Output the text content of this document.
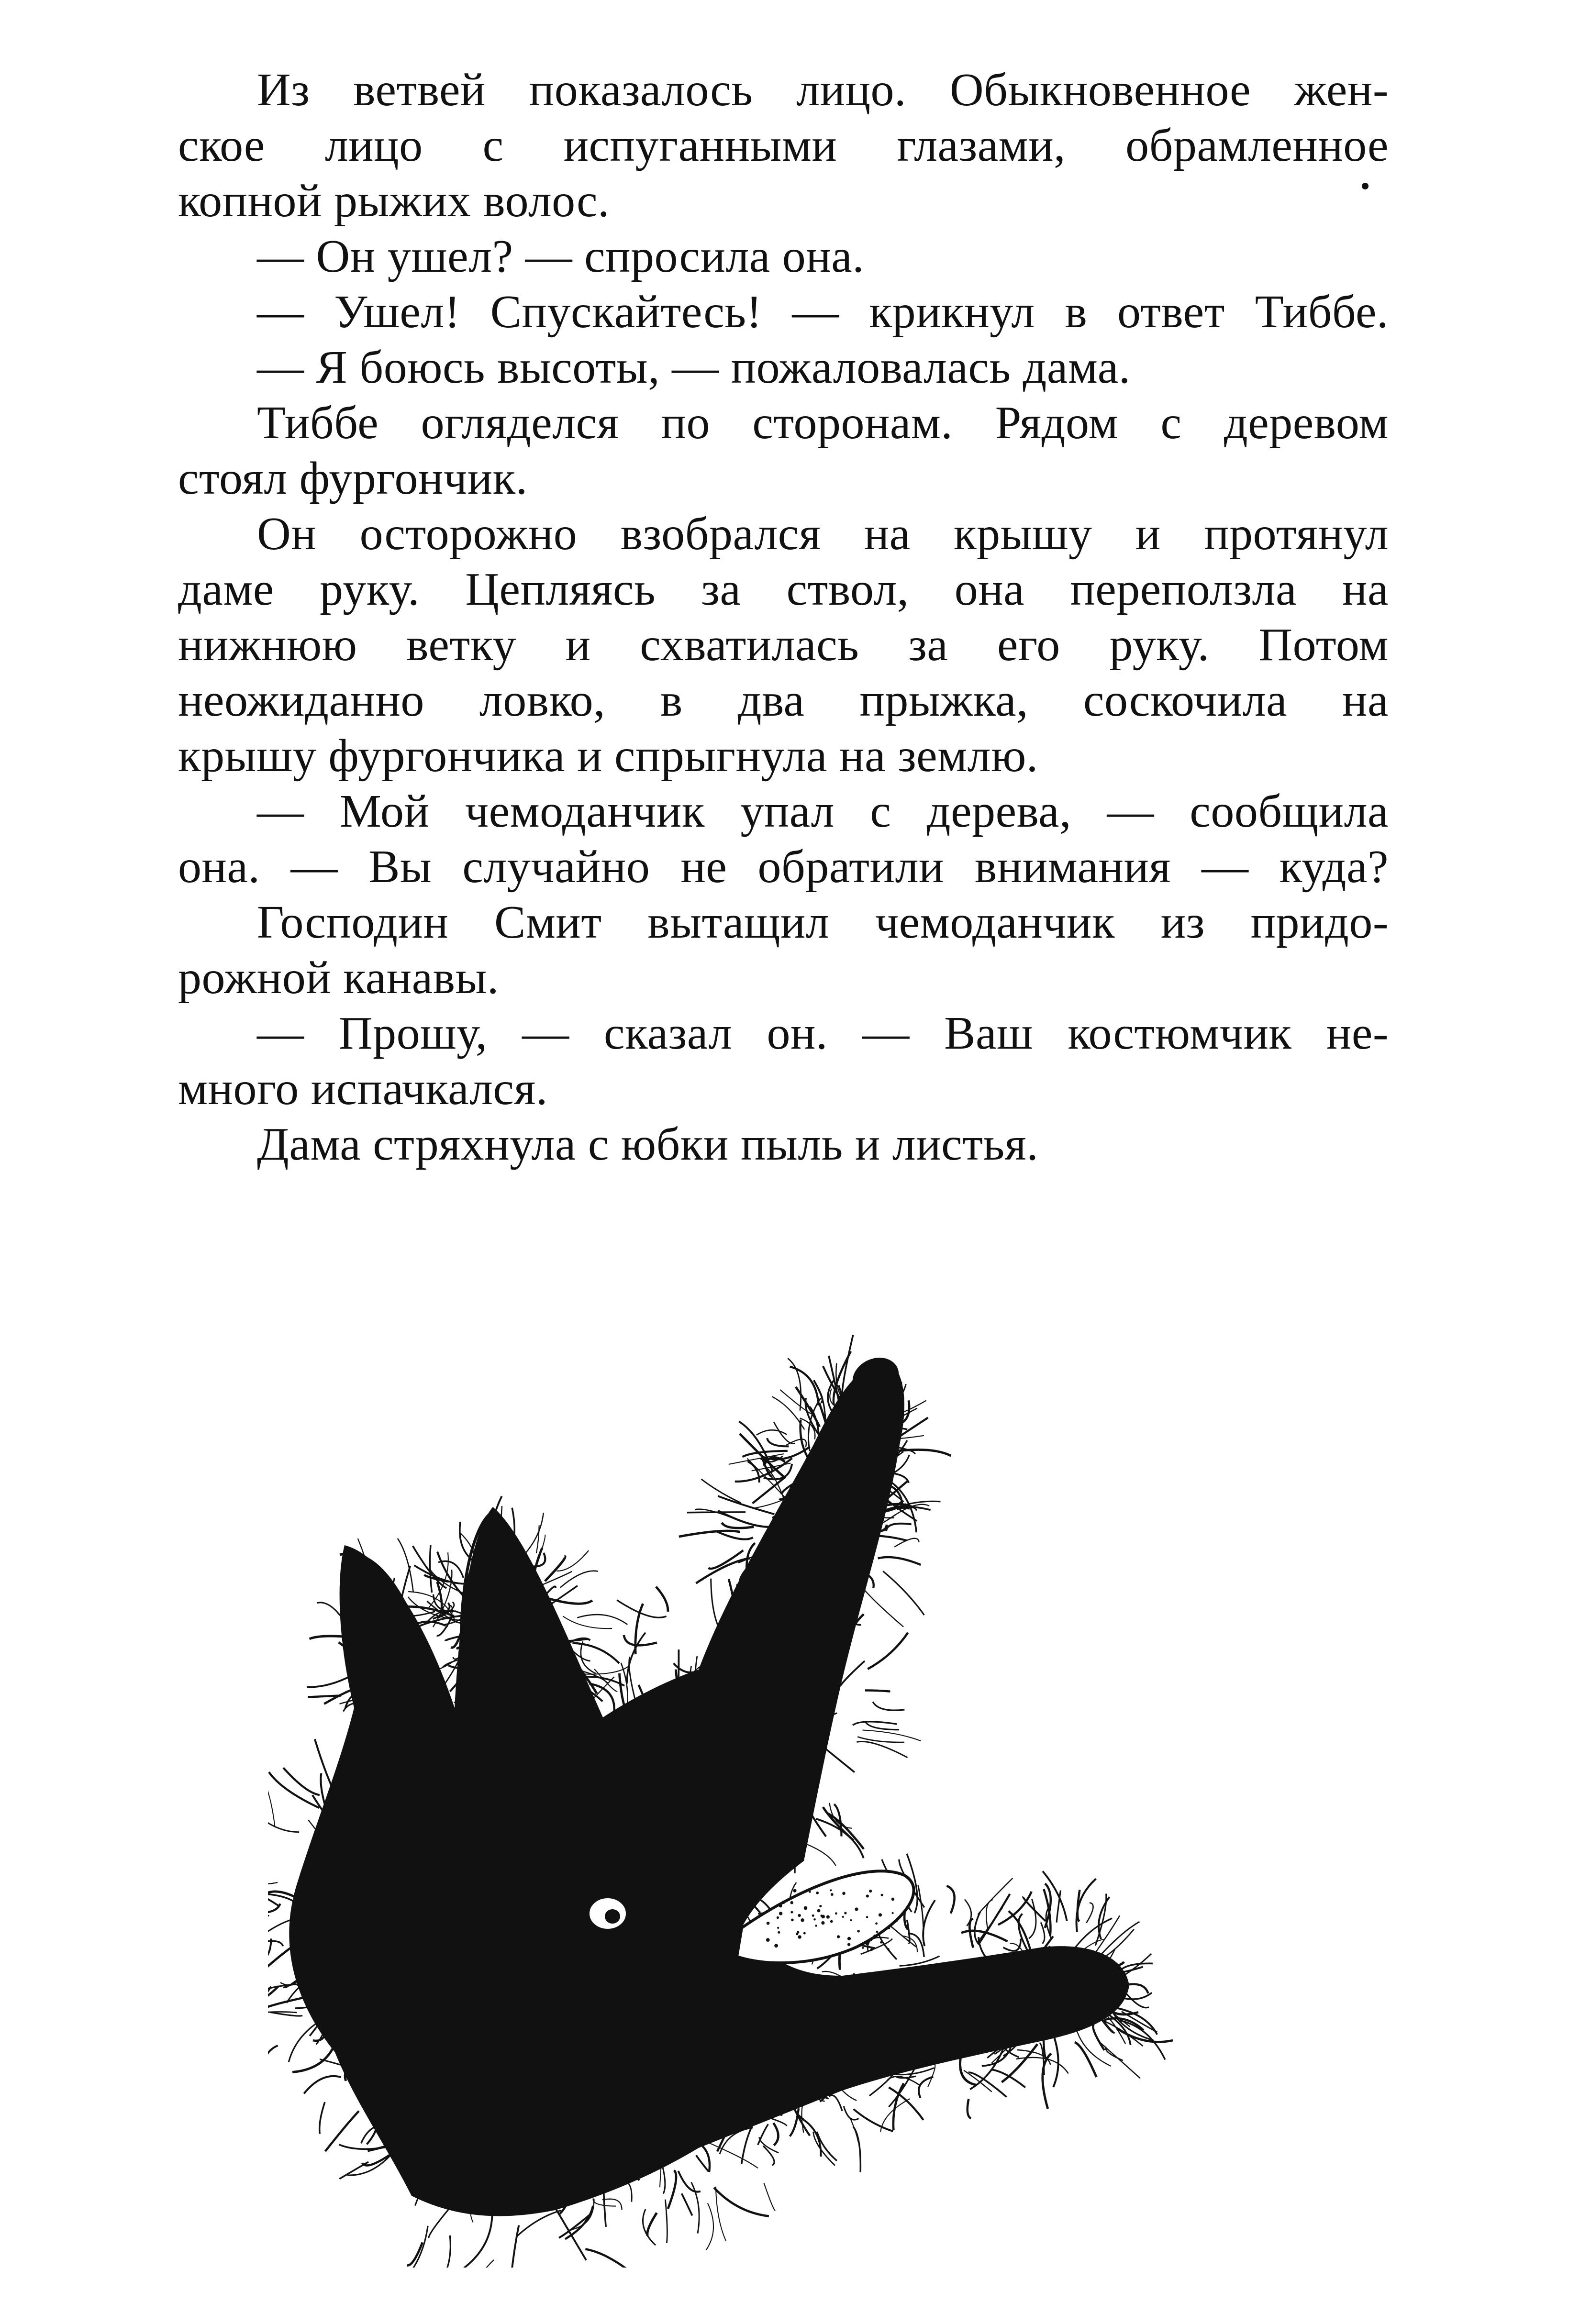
Из ветвей показалось лицо. Обыкновенное жен-
ское лицо с испуганными глазами, обрамленное
копной рыжих волос.
— Он ушел? — спросила она.
— Ушел! Спускайтесь! — крикнул в ответ Тиббе.
— Я боюсь высоты, — пожаловалась дама.
Тиббе огляделся по сторонам. Рядом с деревом
стоял фургончик.
Он осторожно взобрался на крышу и протянул
даме руку. Цепляясь за ствол, она переползла на
нижнюю ветку и схватилась за его руку. Потом
неожиданно ловко, в два прыжка, соскочила на
крышу фургончика и спрыгнула на землю.
— Мой чемоданчик упал с дерева, — сообщила
она. — Вы случайно не обратили внимания — куда?
Господин Смит вытащил чемоданчик из придо-
рожной канавы.
— Прошу, — сказал он. — Ваш костюмчик не-
много испачкался.
Дама стряхнула с юбки пыль и листья.
